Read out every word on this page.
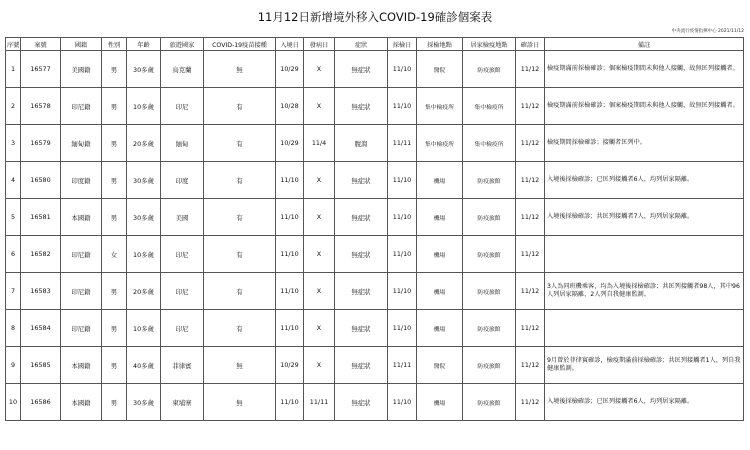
11月12日新增境外移入COVID-19確診個案表
中央流行疫情指揮中心 2021/11/12
序號	案號	國籍	性別	年齡	旅遊國家	COVID-19疫苗接種	入境日	發病日	症狀	採檢日	採檢地點	居家檢疫地點	確診日	備註
1	16577	美國籍	男	30多歲	烏克蘭	無	10/29	X	無症狀	11/10	醫院	防疫旅館	11/12	檢疫期滿前採檢確診；個案檢疫期間未與他人接觸，故無匡列接觸者。
2	16578	印尼籍	男	10多歲	印尼	有	10/28	X	無症狀	11/10	集中檢疫所	集中檢疫所	11/12	檢疫期滿前採檢確診；個案檢疫期間未與他人接觸，故無匡列接觸者。
3	16579	緬甸籍	男	20多歲	緬甸	有	10/29	11/4	腹瀉	11/11	集中檢疫所	集中檢疫所	11/12	檢疫期間採檢確診；接觸者匡列中。
4	16580	印度籍	男	30多歲	印度	有	11/10	X	無症狀	11/10	機場	防疫旅館	11/12	入境後採檢確診；已匡列接觸者6人，均列居家隔離。
5	16581	本國籍	男	30多歲	美國	有	11/10	X	無症狀	11/10	機場	防疫旅館	11/12	入境後採檢確診；共匡列接觸者7人，均列居家隔離。
6	16582	印尼籍	女	10多歲	印尼	有	11/10	X	無症狀	11/10	機場	防疫旅館	11/12	
7	16583	印尼籍	男	20多歲	印尼	有	11/10	X	無症狀	11/10	機場	防疫旅館	11/12	3人為同班機乘客，均為入境後採檢確診；共匡列接觸者98人，其中96人列居家隔離，2人列自我健康監測。
8	16584	印尼籍	男	10多歲	印尼	有	11/10	X	無症狀	11/10	機場	防疫旅館	11/12	
9	16585	本國籍	男	40多歲	菲律賓	無	10/29	X	無症狀	11/11	醫院	防疫旅館	11/12	9月曾於菲律賓確診，檢疫期滿前採檢確診；共匡列接觸者1人，列自我健康監測。
10	16586	本國籍	男	30多歲	柬埔寨	無	11/10	11/11	無症狀	11/10	機場	防疫旅館	11/12	入境後採檢確診；已匡列接觸者6人，均列居家隔離。
